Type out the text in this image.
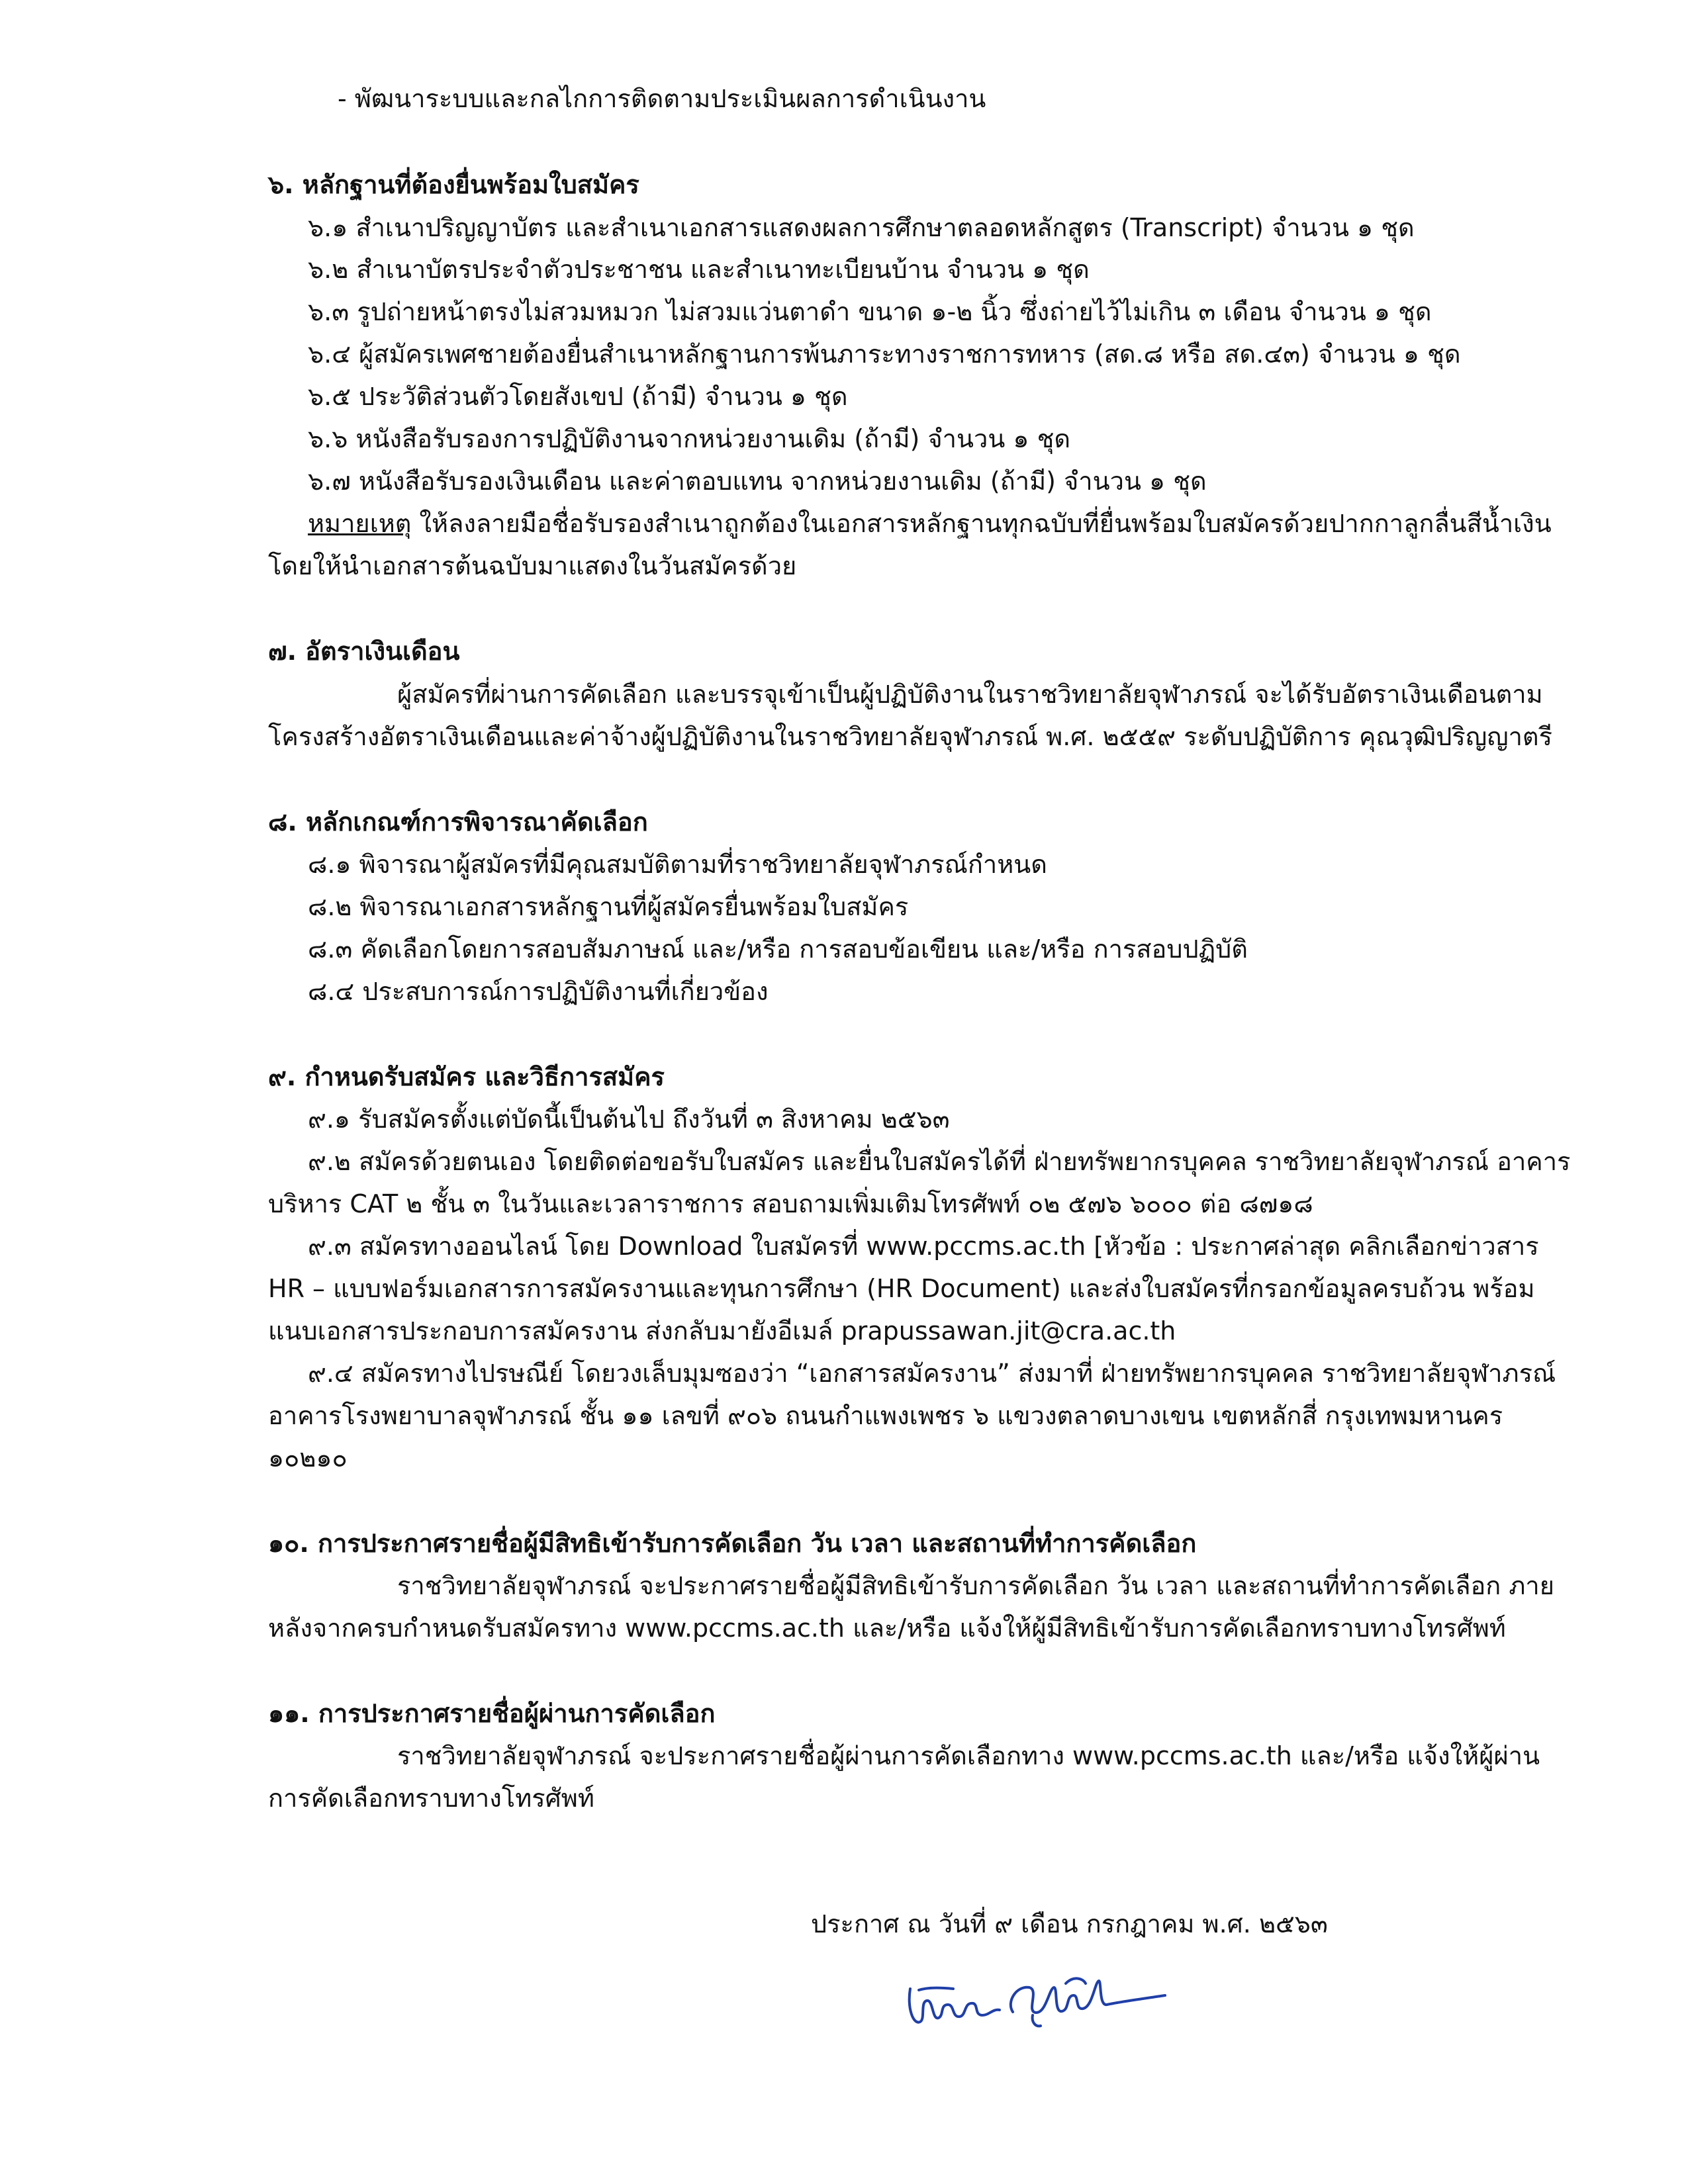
- พัฒนาระบบและกลไกการติดตามประเมินผลการดำเนินงาน
๖. หลักฐานที่ต้องยื่นพร้อมใบสมัคร
๖.๑ สำเนาปริญญาบัตร และสำเนาเอกสารแสดงผลการศึกษาตลอดหลักสูตร (Transcript) จำนวน ๑ ชุด
๖.๒ สำเนาบัตรประจำตัวประชาชน และสำเนาทะเบียนบ้าน จำนวน ๑ ชุด
๖.๓ รูปถ่ายหน้าตรงไม่สวมหมวก ไม่สวมแว่นตาดำ ขนาด ๑-๒ นิ้ว ซึ่งถ่ายไว้ไม่เกิน ๓ เดือน จำนวน ๑ ชุด
๖.๔ ผู้สมัครเพศชายต้องยื่นสำเนาหลักฐานการพ้นภาระทางราชการทหาร (สด.๘ หรือ สด.๔๓) จำนวน ๑ ชุด
๖.๕ ประวัติส่วนตัวโดยสังเขป (ถ้ามี) จำนวน ๑ ชุด
๖.๖ หนังสือรับรองการปฏิบัติงานจากหน่วยงานเดิม (ถ้ามี) จำนวน ๑ ชุด
๖.๗ หนังสือรับรองเงินเดือน และค่าตอบแทน จากหน่วยงานเดิม (ถ้ามี) จำนวน ๑ ชุด
หมายเหตุ ให้ลงลายมือชื่อรับรองสำเนาถูกต้องในเอกสารหลักฐานทุกฉบับที่ยื่นพร้อมใบสมัครด้วยปากกาลูกลื่นสีน้ำเงิน
โดยให้นำเอกสารต้นฉบับมาแสดงในวันสมัครด้วย
๗. อัตราเงินเดือน
ผู้สมัครที่ผ่านการคัดเลือก และบรรจุเข้าเป็นผู้ปฏิบัติงานในราชวิทยาลัยจุฬาภรณ์ จะได้รับอัตราเงินเดือนตาม
โครงสร้างอัตราเงินเดือนและค่าจ้างผู้ปฏิบัติงานในราชวิทยาลัยจุฬาภรณ์ พ.ศ. ๒๕๕๙ ระดับปฏิบัติการ คุณวุฒิปริญญาตรี
๘. หลักเกณฑ์การพิจารณาคัดเลือก
๘.๑ พิจารณาผู้สมัครที่มีคุณสมบัติตามที่ราชวิทยาลัยจุฬาภรณ์กำหนด
๘.๒ พิจารณาเอกสารหลักฐานที่ผู้สมัครยื่นพร้อมใบสมัคร
๘.๓ คัดเลือกโดยการสอบสัมภาษณ์ และ/หรือ การสอบข้อเขียน และ/หรือ การสอบปฏิบัติ
๘.๔ ประสบการณ์การปฏิบัติงานที่เกี่ยวข้อง
๙. กำหนดรับสมัคร และวิธีการสมัคร
๙.๑ รับสมัครตั้งแต่บัดนี้เป็นต้นไป ถึงวันที่ ๓ สิงหาคม ๒๕๖๓
๙.๒ สมัครด้วยตนเอง โดยติดต่อขอรับใบสมัคร และยื่นใบสมัครได้ที่ ฝ่ายทรัพยากรบุคคล ราชวิทยาลัยจุฬาภรณ์ อาคาร
บริหาร CAT ๒ ชั้น ๓ ในวันและเวลาราชการ สอบถามเพิ่มเติมโทรศัพท์ ๐๒ ๕๗๖ ๖๐๐๐ ต่อ ๘๗๑๘
๙.๓ สมัครทางออนไลน์ โดย Download ใบสมัครที่ www.pccms.ac.th [หัวข้อ : ประกาศล่าสุด คลิกเลือกข่าวสาร
HR – แบบฟอร์มเอกสารการสมัครงานและทุนการศึกษา (HR Document) และส่งใบสมัครที่กรอกข้อมูลครบถ้วน พร้อม
แนบเอกสารประกอบการสมัครงาน ส่งกลับมายังอีเมล์ prapussawan.jit@cra.ac.th
๙.๔ สมัครทางไปรษณีย์ โดยวงเล็บมุมซองว่า “เอกสารสมัครงาน” ส่งมาที่ ฝ่ายทรัพยากรบุคคล ราชวิทยาลัยจุฬาภรณ์
อาคารโรงพยาบาลจุฬาภรณ์ ชั้น ๑๑ เลขที่ ๙๐๖ ถนนกำแพงเพชร ๖ แขวงตลาดบางเขน เขตหลักสี่ กรุงเทพมหานคร
๑๐๒๑๐
๑๐. การประกาศรายชื่อผู้มีสิทธิเข้ารับการคัดเลือก วัน เวลา และสถานที่ทำการคัดเลือก
ราชวิทยาลัยจุฬาภรณ์ จะประกาศรายชื่อผู้มีสิทธิเข้ารับการคัดเลือก วัน เวลา และสถานที่ทำการคัดเลือก ภาย
หลังจากครบกำหนดรับสมัครทาง www.pccms.ac.th และ/หรือ แจ้งให้ผู้มีสิทธิเข้ารับการคัดเลือกทราบทางโทรศัพท์
๑๑. การประกาศรายชื่อผู้ผ่านการคัดเลือก
ราชวิทยาลัยจุฬาภรณ์ จะประกาศรายชื่อผู้ผ่านการคัดเลือกทาง www.pccms.ac.th และ/หรือ แจ้งให้ผู้ผ่าน
การคัดเลือกทราบทางโทรศัพท์
ประกาศ ณ วันที่ ๙ เดือน กรกฎาคม พ.ศ. ๒๕๖๓
